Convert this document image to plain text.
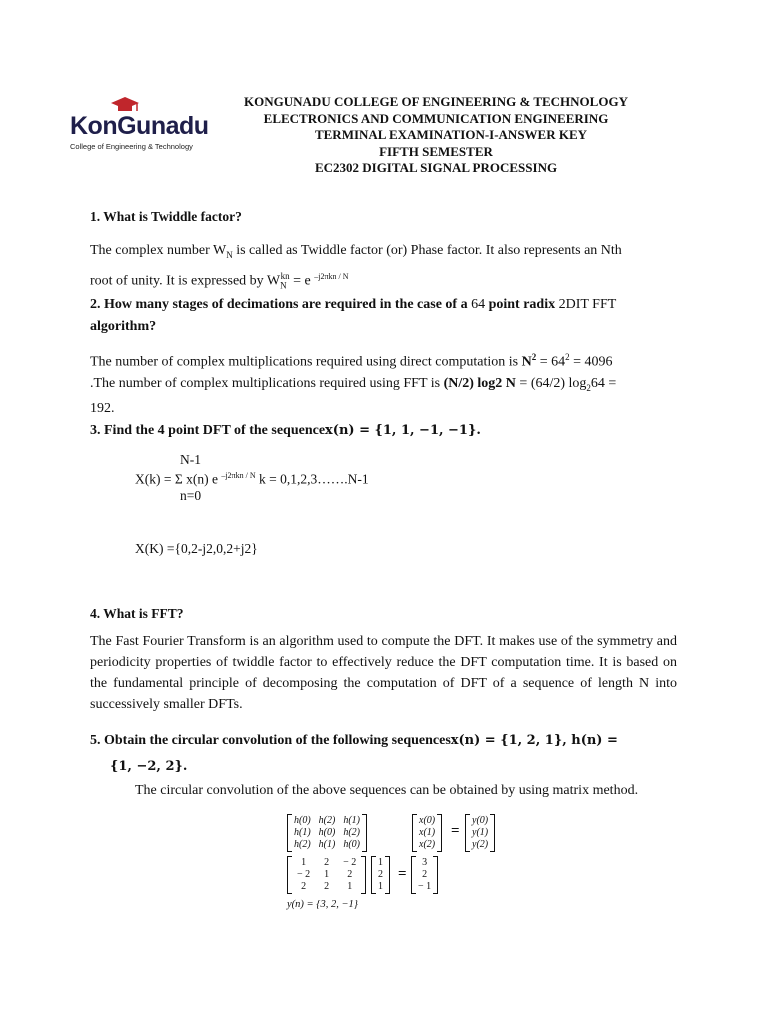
KonGunadu
College of Engineering & Technology
KONGUNADU COLLEGE OF ENGINEERING & TECHNOLOGY
ELECTRONICS AND COMMUNICATION ENGINEERING
TERMINAL EXAMINATION-I-ANSWER KEY
FIFTH SEMESTER
EC2302 DIGITAL SIGNAL PROCESSING
1. What is Twiddle factor?
The complex number $W_N$ is called as Twiddle factor (or) Phase factor. It also represents an Nth
root of unity. It is expressed by $W_N^{kn} = e$ $^{-j2\pi kn / N}$
2. How many stages of decimations are required in the case of a 64 point radix 2DIT FFT
algorithm?
The number of complex multiplications required using direct computation is $N^2 = 64^2 = 4096$
.The number of complex multiplications required using FFT is (N/2) log2 N = (64/2) $\log_264$ =
192.
3. Find the 4 point DFT of the sequencex(n) = {1, 1, −1, −1}.
N-1
X(k) = Σ x(n) e $^{-j2\pi kn / N}$ k = 0,1,2,3…….N-1
n=0
X(K) ={0,2-j2,0,2+j2}
4. What is FFT?
The Fast Fourier Transform is an algorithm used to compute the DFT. It makes use of the symmetry and periodicity properties of twiddle factor to effectively reduce the DFT computation time. It is based on the fundamental principle of decomposing the computation of DFT of a sequence of length N into successively smaller DFTs.
5. Obtain the circular convolution of the following sequencesx(n) = {1, 2, 1}, h(n) =
{1, −2, 2}.
The circular convolution of the above sequences can be obtained by using matrix method.
h(0)	h(2)	h(1)
h(1)	h(0)	h(2)
h(2)	h(1)	h(0)
x(0)
x(1)
x(2)
=
y(0)
y(1)
y(2)
1	2	− 2
− 2	1	2
2	2	1
1
2
1
=
3
2
− 1
y(n) = {3, 2, −1}
